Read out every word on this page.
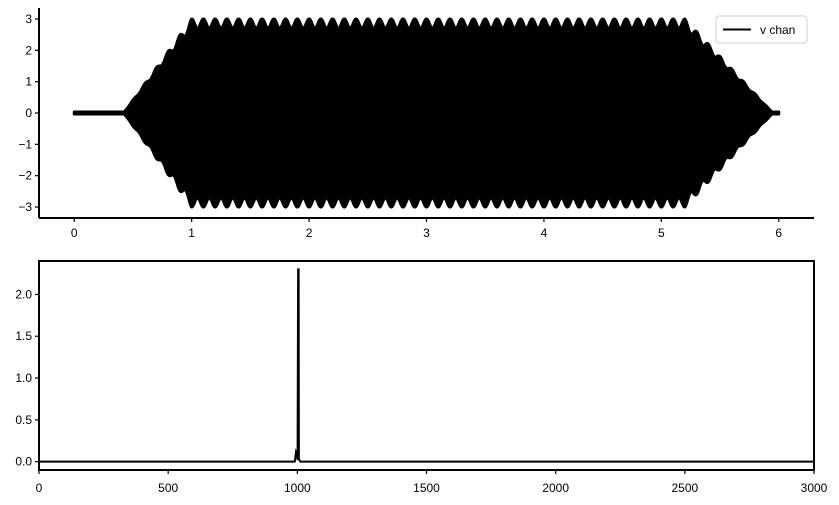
0	1	2	3	4	5	6
−3
−2
−1
0
1
2
3
v chan
0	500	1000	1500	2000	2500	3000
0.0
0.5
1.0
1.5
2.0
